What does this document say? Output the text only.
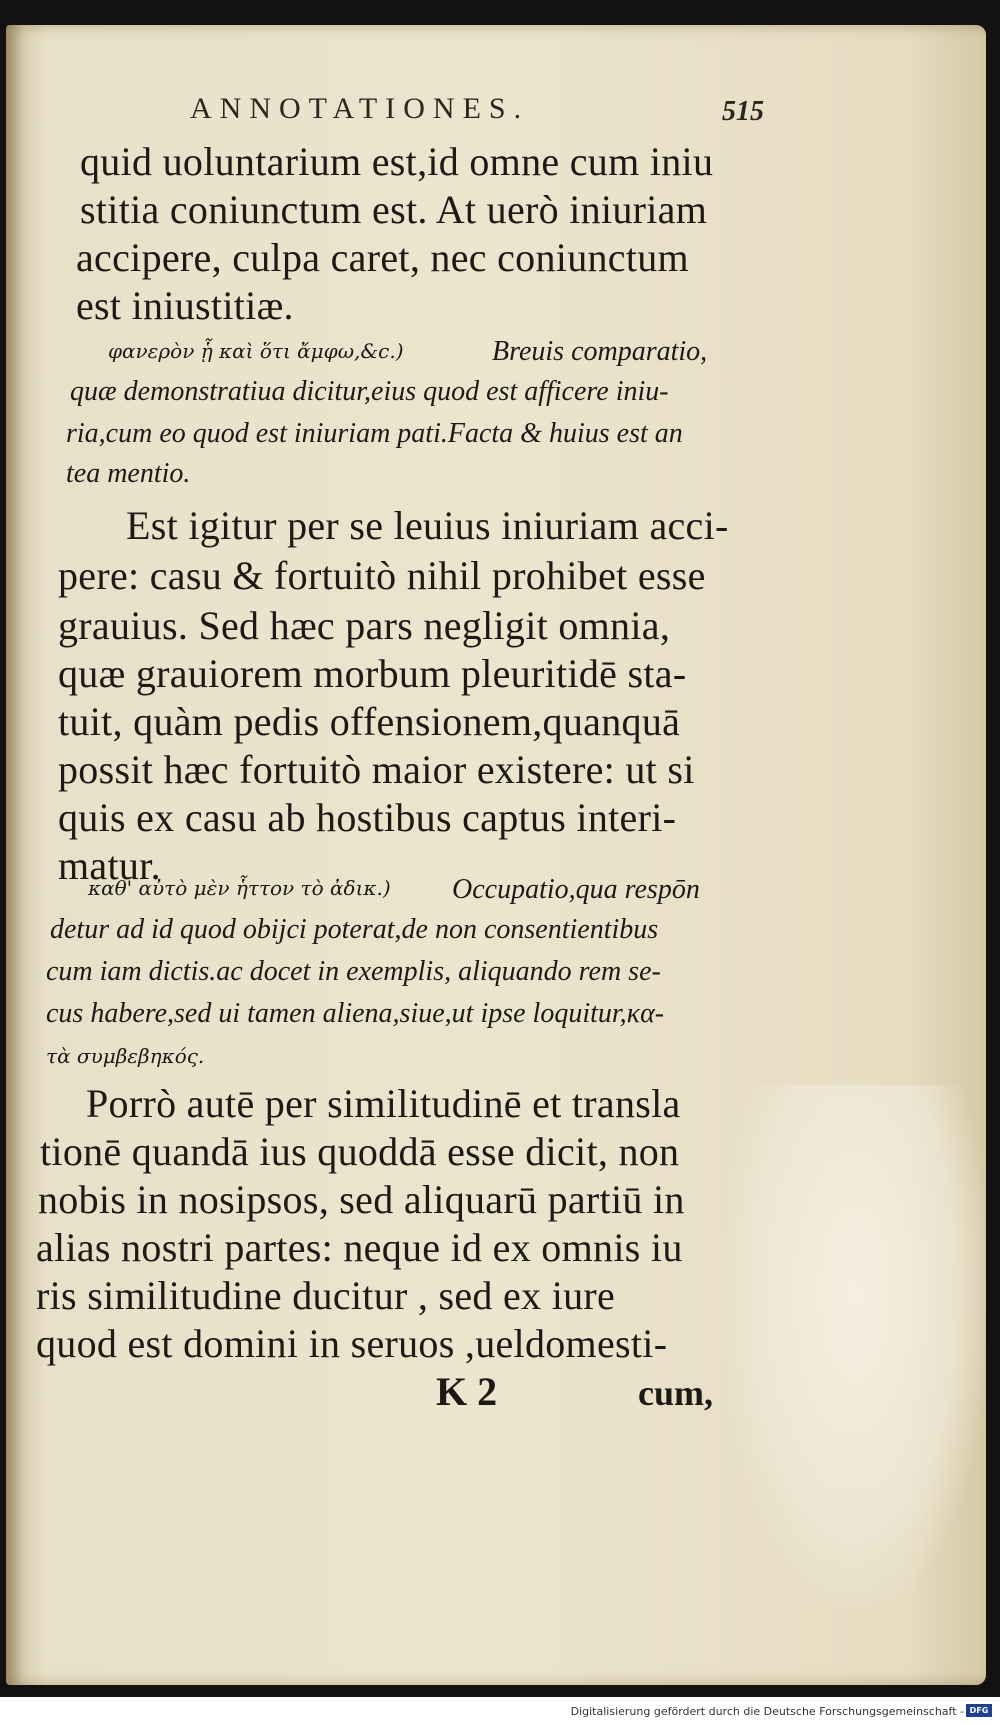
ANNOTATIONES.	515
quid uoluntarium est,id omne cum iniu
stitia coniunctum est. At uerò iniuriam
accipere, culpa caret, nec coniunctum
est iniustitiæ.
φανερὸν ᾗ καὶ ὅτι ἄμφω,&c.)	Breuis comparatio,
quæ demonstratiua dicitur,eius quod est afficere iniu-
ria,cum eo quod est iniuriam pati.Facta & huius est an
tea mentio.
Est igitur per se leuius iniuriam acci-
pere: casu & fortuitò nihil prohibet esse
grauius. Sed hæc pars negligit omnia,
quæ grauiorem morbum pleuritidē sta-
tuit, quàm pedis offensionem,quanquā
possit hæc fortuitò maior existere: ut si
quis ex casu ab hostibus captus interi-
matur.
καθ' αὐτὸ μὲν ἧττον τὸ ἀδικ.) Occupatio,qua respōn
detur ad id quod obijci poterat,de non consentientibus
cum iam dictis.ac docet in exemplis, aliquando rem se-
cus habere,sed ui tamen aliena,siue,ut ipse loquitur,κα-
τὰ συμβεβηκός.
Porrò autē per similitudinē et transla
tionē quandā ius quoddā esse dicit, non
nobis in nosipsos, sed aliquarū partiū in
alias nostri partes: neque id ex omnis iu
ris similitudine ducitur , sed ex iure
quod est domini in seruos ,ueldomesti-
K 2	cum,
Digitalisierung gefördert durch die Deutsche Forschungsgemeinschaft - DFG
